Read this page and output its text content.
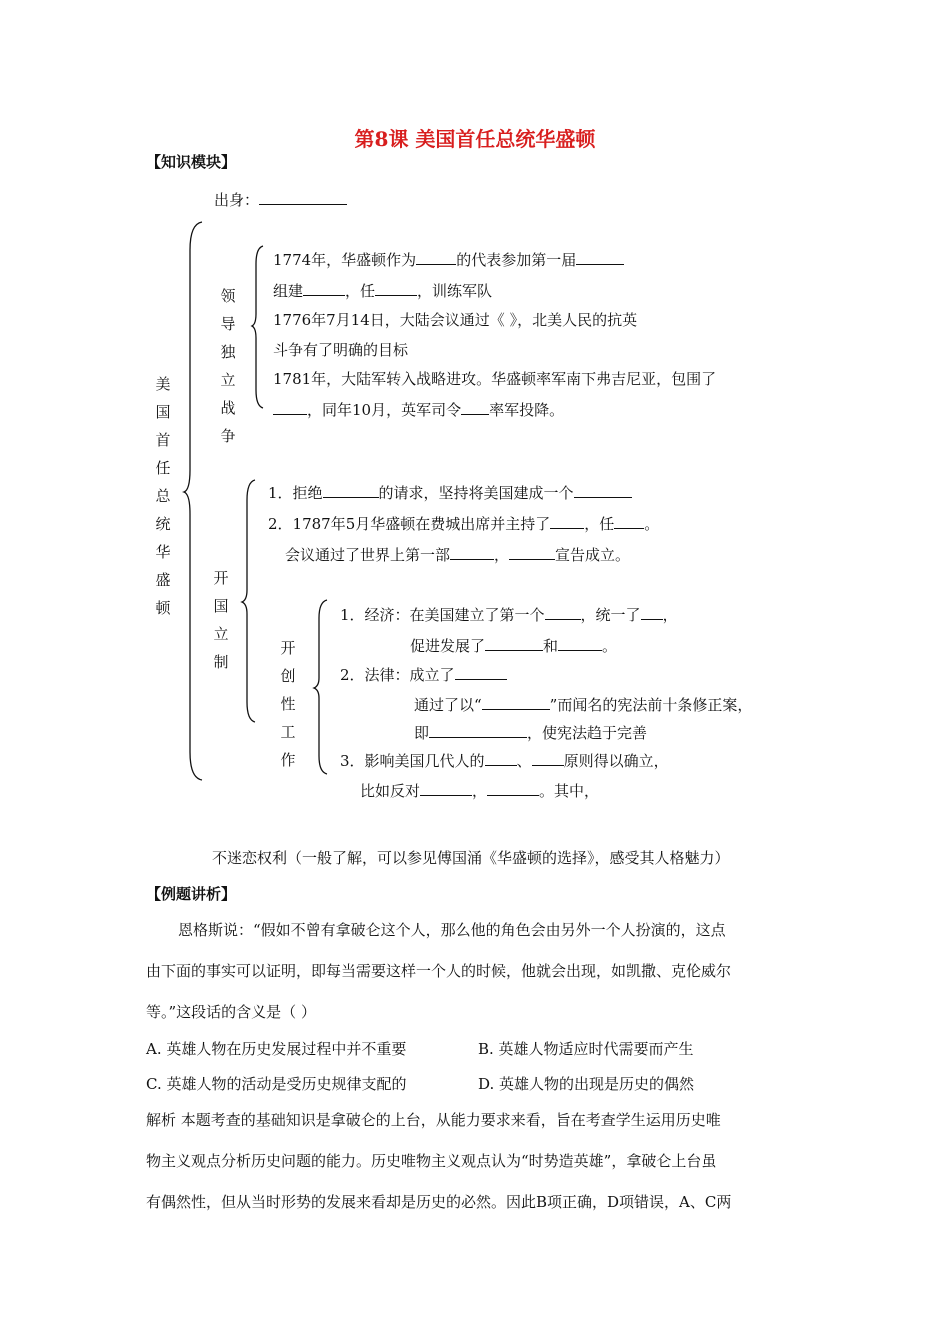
第8课 美国首任总统华盛顿
【知识模块】
出身：
美
国
首
任
总
统
华
盛
顿
领
导
独
立
战
争
开
国
立
制
开
创
性
工
作
1774年，华盛顿作为	的代表参加第一届
组建	，任	，训练军队
1776年7月14日，大陆会议通过《 》，北美人民的抗英
斗争有了明确的目标
1781年，大陆军转入战略进攻。华盛顿率军南下弗吉尼亚，包围了
，同年10月，英军司令 率军投降。
1．拒绝	的请求，坚持将美国建成一个
2．1787年5月华盛顿在费城出席并主持了 ，任 。
会议通过了世界上第一部	，	宣告成立。
1．经济：在美国建立了第一个 ，统一了 ，
促进发展了	和	。
2．法律：成立了
通过了以“	”而闻名的宪法前十条修正案，
即	，使宪法趋于完善
3．影响美国几代人的 、 原则得以确立，
比如反对	，	。其中，
不迷恋权利（一般了解，可以参见傅国涌《华盛顿的选择》，感受其人格魅力）
【例题讲析】
恩格斯说：“假如不曾有拿破仑这个人，那么他的角色会由另外一个人扮演的，这点
由下面的事实可以证明，即每当需要这样一个人的时候，他就会出现，如凯撒、克伦威尔
等。”这段话的含义是（ ）
A. 英雄人物在历史发展过程中并不重要	B. 英雄人物适应时代需要而产生
C. 英雄人物的活动是受历史规律支配的	D. 英雄人物的出现是历史的偶然
解析 本题考查的基础知识是拿破仑的上台，从能力要求来看，旨在考查学生运用历史唯
物主义观点分析历史问题的能力。历史唯物主义观点认为“时势造英雄”，拿破仑上台虽
有偶然性，但从当时形势的发展来看却是历史的必然。因此B项正确，D项错误，A、C两
